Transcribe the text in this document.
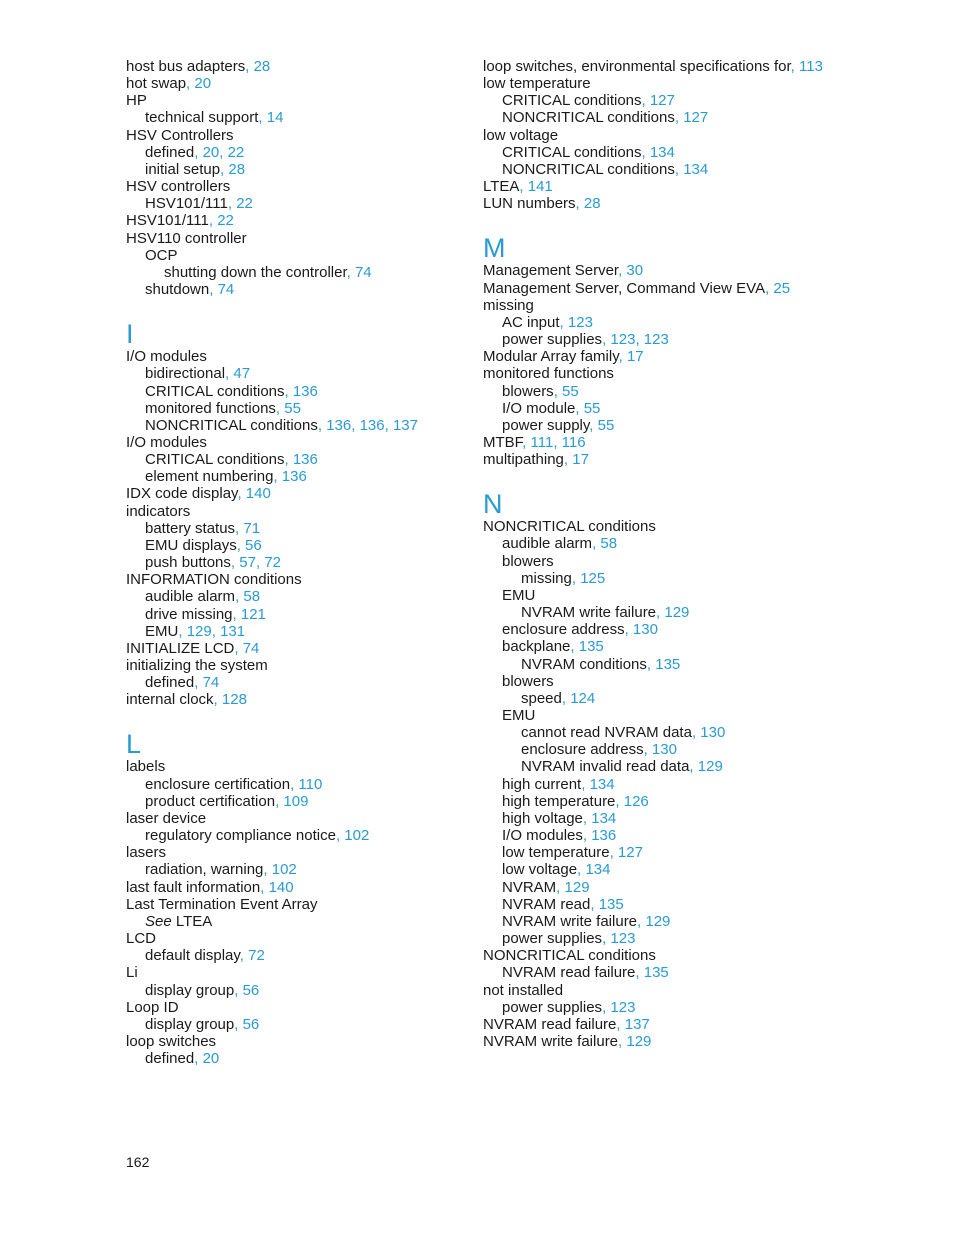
host bus adapters, 28
hot swap, 20
HP
technical support, 14
HSV Controllers
defined, 20, 22
initial setup, 28
HSV controllers
HSV101/111, 22
HSV101/111, 22
HSV110 controller
OCP
shutting down the controller, 74
shutdown, 74
I
I/O modules
bidirectional, 47
CRITICAL conditions, 136
monitored functions, 55
NONCRITICAL conditions, 136, 136, 137
I/O modules
CRITICAL conditions, 136
element numbering, 136
IDX code display, 140
indicators
battery status, 71
EMU displays, 56
push buttons, 57, 72
INFORMATION conditions
audible alarm, 58
drive missing, 121
EMU, 129, 131
INITIALIZE LCD, 74
initializing the system
defined, 74
internal clock, 128
L
labels
enclosure certification, 110
product certification, 109
laser device
regulatory compliance notice, 102
lasers
radiation, warning, 102
last fault information, 140
Last Termination Event Array
See LTEA
LCD
default display, 72
Li
display group, 56
Loop ID
display group, 56
loop switches
defined, 20
loop switches, environmental specifications for, 113
low temperature
CRITICAL conditions, 127
NONCRITICAL conditions, 127
low voltage
CRITICAL conditions, 134
NONCRITICAL conditions, 134
LTEA, 141
LUN numbers, 28
M
Management Server, 30
Management Server, Command View EVA, 25
missing
AC input, 123
power supplies, 123, 123
Modular Array family, 17
monitored functions
blowers, 55
I/O module, 55
power supply, 55
MTBF, 111, 116
multipathing, 17
N
NONCRITICAL conditions
audible alarm, 58
blowers
missing, 125
EMU
NVRAM write failure, 129
enclosure address, 130
backplane, 135
NVRAM conditions, 135
blowers
speed, 124
EMU
cannot read NVRAM data, 130
enclosure address, 130
NVRAM invalid read data, 129
high current, 134
high temperature, 126
high voltage, 134
I/O modules, 136
low temperature, 127
low voltage, 134
NVRAM, 129
NVRAM read, 135
NVRAM write failure, 129
power supplies, 123
NONCRITICAL conditions
NVRAM read failure, 135
not installed
power supplies, 123
NVRAM read failure, 137
NVRAM write failure, 129
162
